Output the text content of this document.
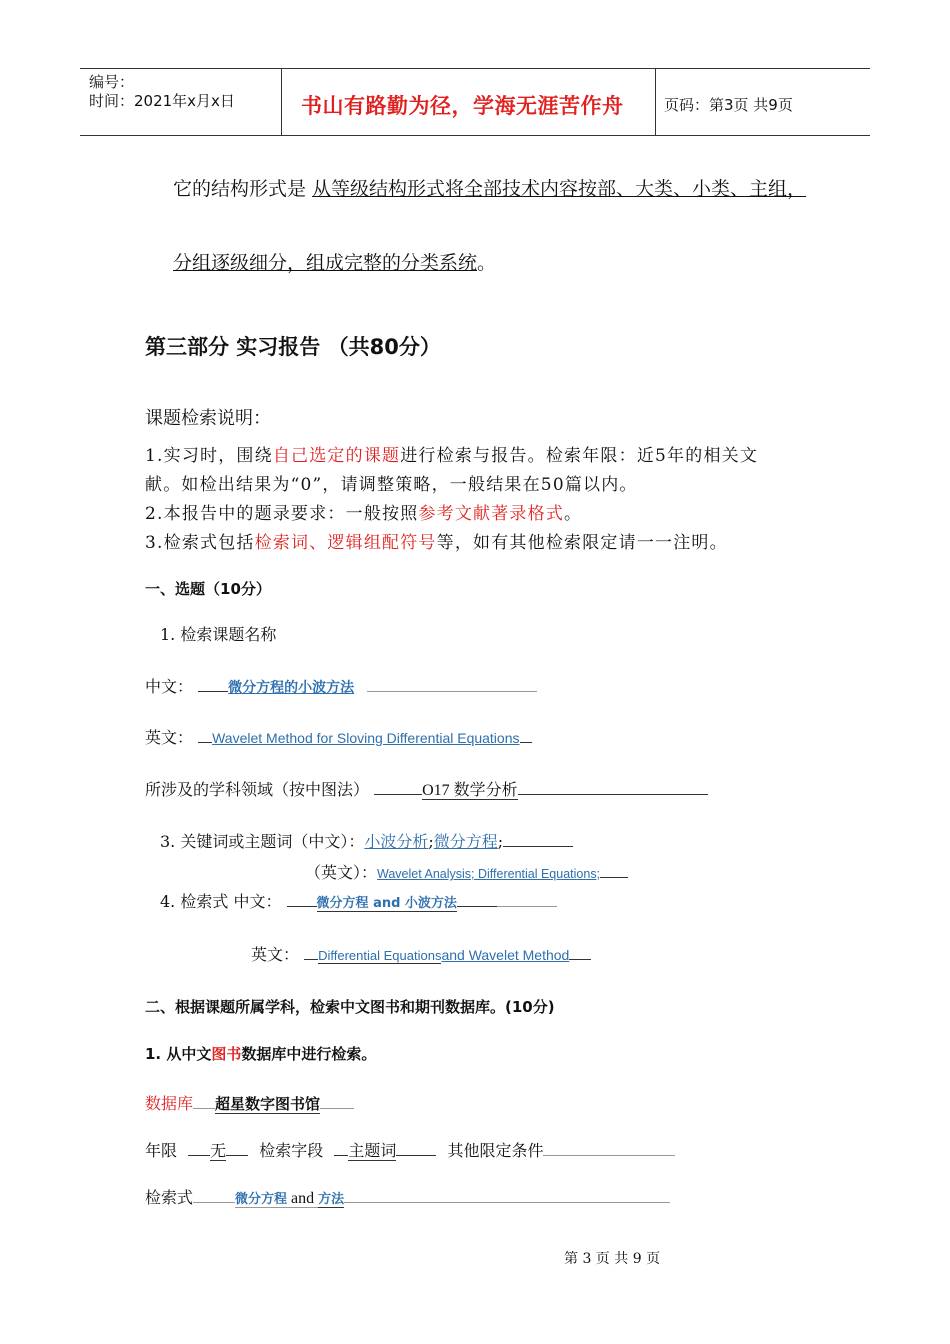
编号：
时间：2021年x月x日	书山有路勤为径，学海无涯苦作舟	页码：第3页 共9页
它的结构形式是 从等级结构形式将全部技术内容按部、大类、小类、主组，
分组逐级细分，组成完整的分类系统。
第三部分 实习报告 （共80分）
课题检索说明：
1.实习时，围绕自己选定的课题进行检索与报告。检索年限：近5年的相关文
献。如检出结果为“0”，请调整策略，一般结果在50篇以内。
2.本报告中的题录要求：一般按照参考文献著录格式。
3.检索式包括检索词、逻辑组配符号等，如有其他检索限定请一一注明。
一、选题（10分）
1. 检索课题名称
中文：	微分方程的小波方法
英文： Wavelet Method for Sloving Differential Equations
所涉及的学科领域（按中图法）	O17 数学分析
3. 关键词或主题词（中文）：小波分析;微分方程;
（英文）：Wavelet Analysis; Differential Equations;
4. 检索式 中文：	微分方程 and 小波方法
英文： Differential Equationsand Wavelet Method
二、根据课题所属学科，检索中文图书和期刊数据库。(10分)
1. 从中文图书数据库中进行检索。
数据库 超星数字图书馆
年限 无 检索字段 主题词	其他限定条件
检索式	微分方程 and 方法
第 3 页 共 9 页
